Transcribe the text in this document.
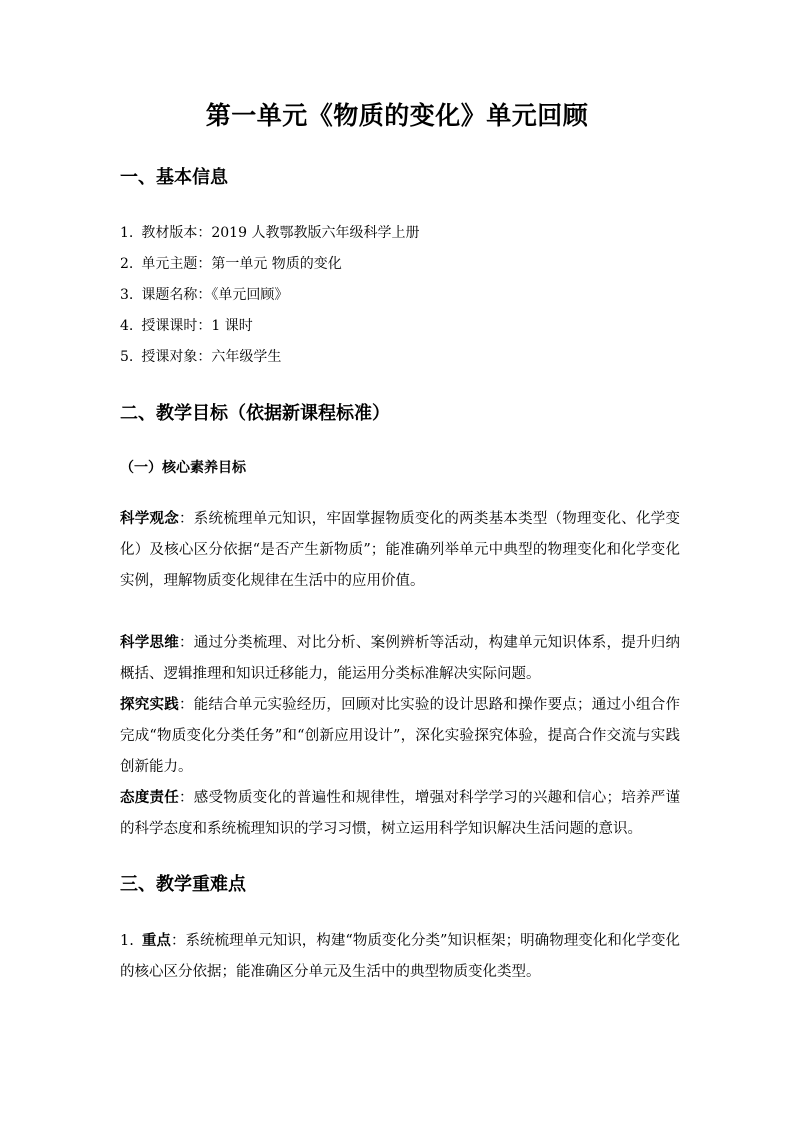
第一单元《物质的变化》单元回顾
一、基本信息

1. 教材版本：2019 人教鄂教版六年级科学上册

2. 单元主题：第一单元 物质的变化

3. 课题名称：《单元回顾》

4. 授课课时：1 课时

5. 授课对象：六年级学生

二、教学目标（依据新课程标准）
（一）核心素养目标

科学观念：系统梳理单元知识，牢固掌握物质变化的两类基本类型（物理变化、化学变化）及核心区分依据“是否产生新物质”；能准确列举单元中典型的物理变化和化学变化实例，理解物质变化规律在生活中的应用价值。

科学思维：通过分类梳理、对比分析、案例辨析等活动，构建单元知识体系，提升归纳概括、逻辑推理和知识迁移能力，能运用分类标准解决实际问题。

探究实践：能结合单元实验经历，回顾对比实验的设计思路和操作要点；通过小组合作完成“物质变化分类任务”和“创新应用设计”，深化实验探究体验，提高合作交流与实践创新能力。

态度责任：感受物质变化的普遍性和规律性，增强对科学学习的兴趣和信心；培养严谨的科学态度和系统梳理知识的学习习惯，树立运用科学知识解决生活问题的意识。

三、教学重难点

1. 重点：系统梳理单元知识，构建“物质变化分类”知识框架；明确物理变化和化学变化的核心区分依据；能准确区分单元及生活中的典型物质变化类型。
